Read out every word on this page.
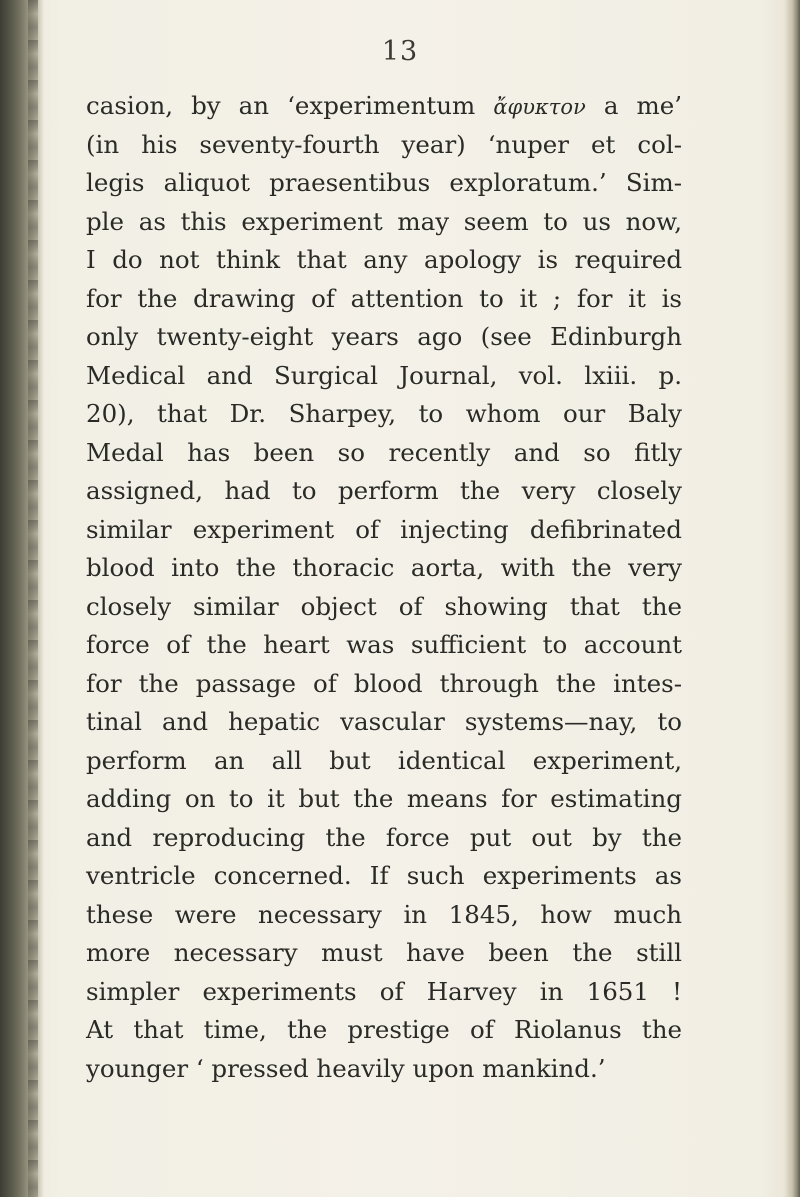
13
casion, by an ‘experimentum ἄφυκτον a me’
(in his seventy-fourth year) ‘nuper et col-
legis aliquot praesentibus exploratum.’ Sim-
ple as this experiment may seem to us now,
I do not think that any apology is required
for the drawing of attention to it ; for it is
only twenty-eight years ago (see Edinburgh
Medical and Surgical Journal, vol. lxiii. p.
20), that Dr. Sharpey, to whom our Baly
Medal has been so recently and so fitly
assigned, had to perform the very closely
similar experiment of injecting defibrinated
blood into the thoracic aorta, with the very
closely similar object of showing that the
force of the heart was sufficient to account
for the passage of blood through the intes-
tinal and hepatic vascular systems—nay, to
perform an all but identical experiment,
adding on to it but the means for estimating
and reproducing the force put out by the
ventricle concerned. If such experiments as
these were necessary in 1845, how much
more necessary must have been the still
simpler experiments of Harvey in 1651 !
At that time, the prestige of Riolanus the
younger ‘ pressed heavily upon mankind.’
